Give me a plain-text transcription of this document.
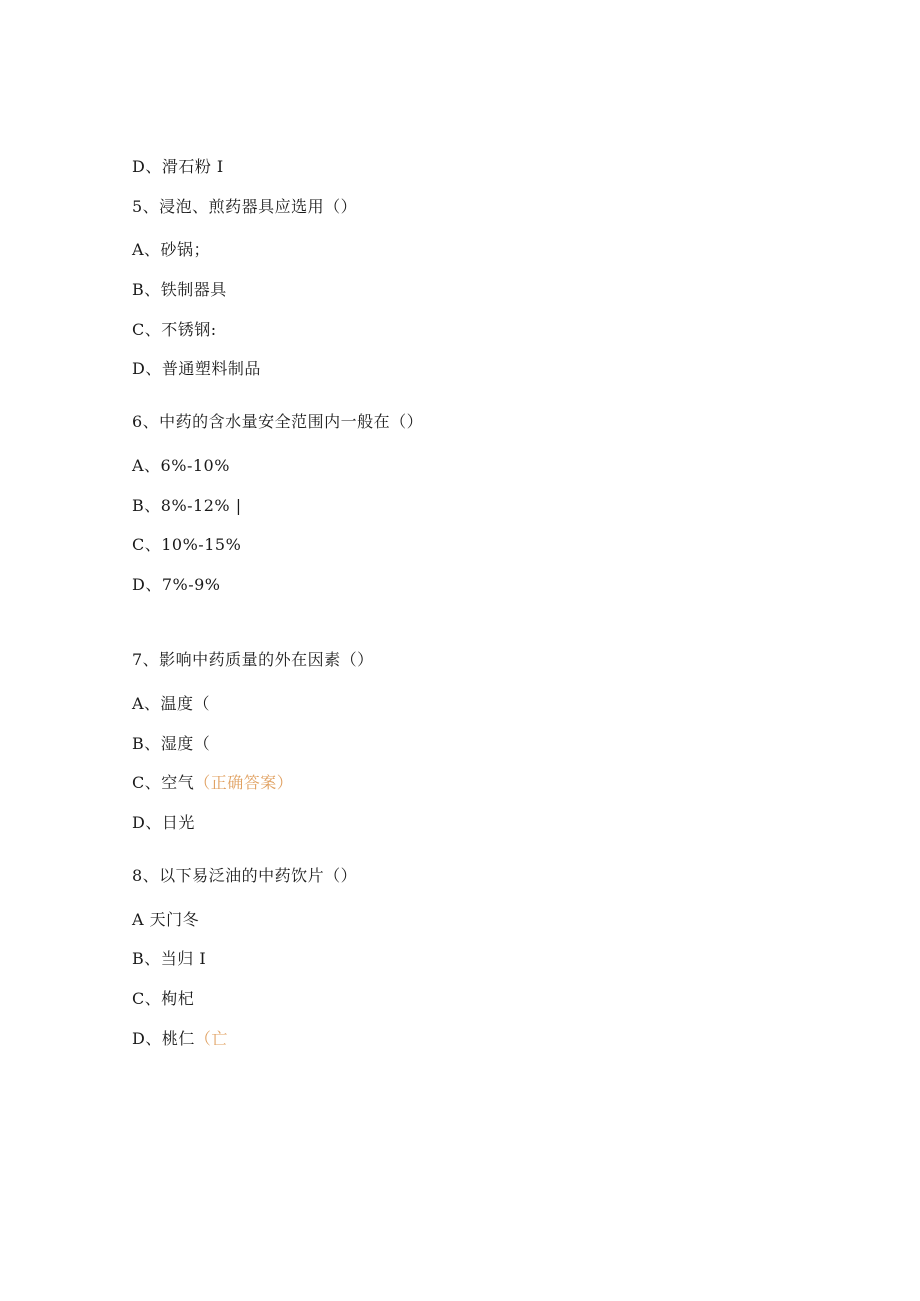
D、滑石粉 I
5、浸泡、煎药器具应选用（）
A、砂锅；
B、铁制器具
C、不锈钢:
D、普通塑料制品
6、中药的含水量安全范围内一般在（）
A、6%-10%
B、8%-12% |
C、10%-15%
D、7%-9%
7、影响中药质量的外在因素（）
A、温度（
B、湿度（
C、空气（正确答案）
D、日光
8、以下易泛油的中药饮片（）
A 天门冬
B、当归 I
C、枸杞
D、桃仁（亡
